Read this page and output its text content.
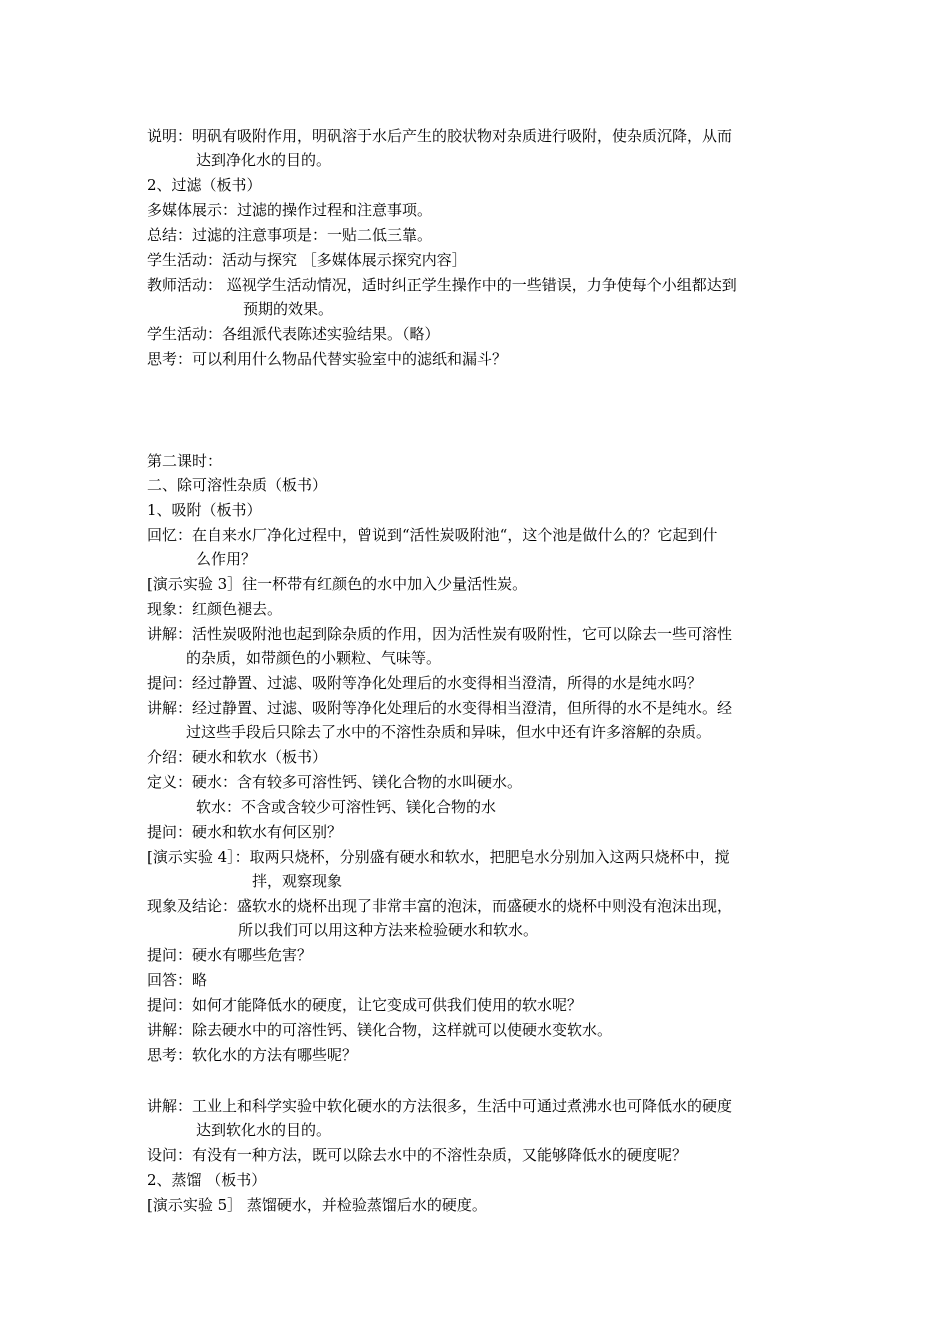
说明：明矾有吸附作用，明矾溶于水后产生的胶状物对杂质进行吸附，使杂质沉降，从而
达到净化水的目的。
2、过滤（板书）
多媒体展示：过滤的操作过程和注意事项。
总结：过滤的注意事项是：一贴二低三靠。
学生活动：活动与探究 ［多媒体展示探究内容］
教师活动： 巡视学生活动情况，适时纠正学生操作中的一些错误，力争使每个小组都达到
预期的效果。
学生活动：各组派代表陈述实验结果。（略）
思考：可以利用什么物品代替实验室中的滤纸和漏斗？
第二课时：
二、除可溶性杂质（板书）
1、吸附（板书）
回忆：在自来水厂净化过程中，曾说到“活性炭吸附池“，这个池是做什么的？它起到什
么作用？
[演示实验 3］往一杯带有红颜色的水中加入少量活性炭。
现象：红颜色褪去。
讲解：活性炭吸附池也起到除杂质的作用，因为活性炭有吸附性，它可以除去一些可溶性
的杂质，如带颜色的小颗粒、气味等。
提问：经过静置、过滤、吸附等净化处理后的水变得相当澄清，所得的水是纯水吗？
讲解：经过静置、过滤、吸附等净化处理后的水变得相当澄清，但所得的水不是纯水。经
过这些手段后只除去了水中的不溶性杂质和异味，但水中还有许多溶解的杂质。
介绍：硬水和软水（板书）
定义：硬水：含有较多可溶性钙、镁化合物的水叫硬水。
软水：不含或含较少可溶性钙、镁化合物的水
提问：硬水和软水有何区别？
[演示实验 4］：取两只烧杯，分别盛有硬水和软水，把肥皂水分别加入这两只烧杯中，搅
拌，观察现象
现象及结论：盛软水的烧杯出现了非常丰富的泡沫，而盛硬水的烧杯中则没有泡沫出现，
所以我们可以用这种方法来检验硬水和软水。
提问：硬水有哪些危害？
回答：略
提问：如何才能降低水的硬度，让它变成可供我们使用的软水呢？
讲解：除去硬水中的可溶性钙、镁化合物，这样就可以使硬水变软水。
思考：软化水的方法有哪些呢？
讲解：工业上和科学实验中软化硬水的方法很多，生活中可通过煮沸水也可降低水的硬度
达到软化水的目的。
设问：有没有一种方法，既可以除去水中的不溶性杂质，又能够降低水的硬度呢？
2、蒸馏 （板书）
[演示实验 5］ 蒸馏硬水，并检验蒸馏后水的硬度。
